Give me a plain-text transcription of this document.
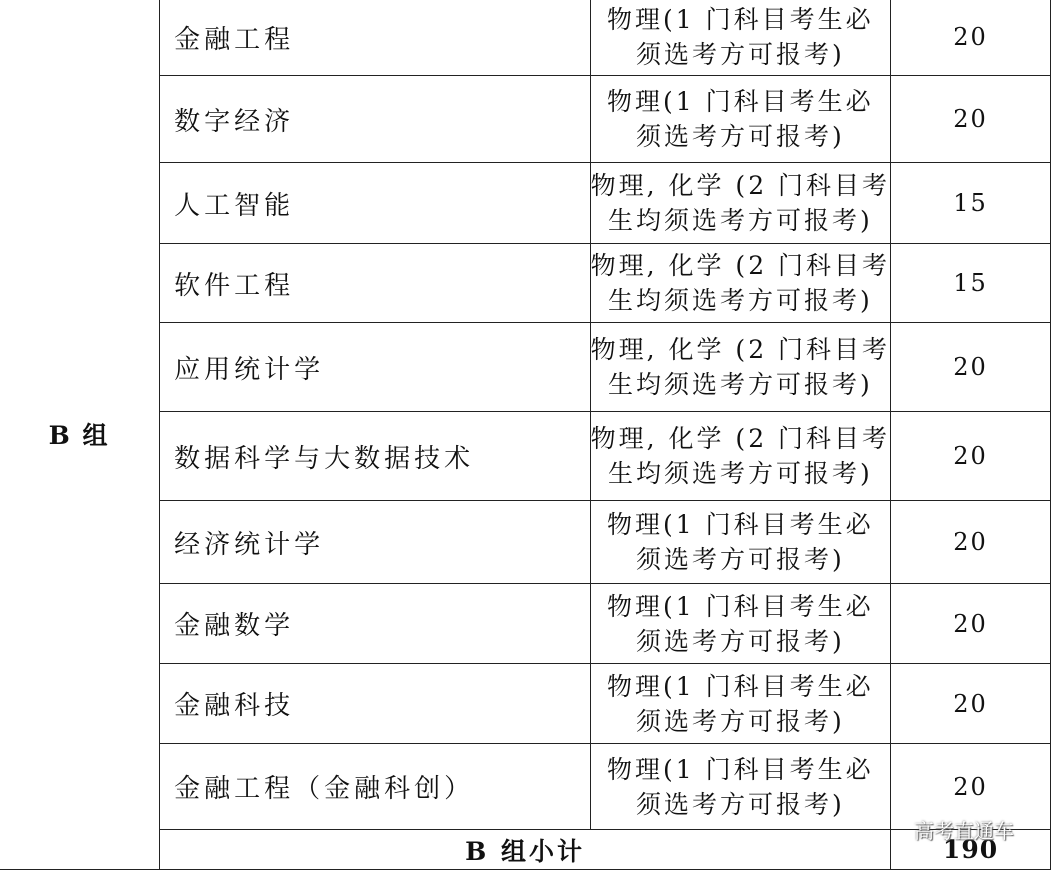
B 组	金融工程	物理(1 门科目考生必
须选考方可报考)	20
	数字经济	物理(1 门科目考生必
须选考方可报考)	20
	人工智能	物理, 化学 (2 门科目考
生均须选考方可报考)	15
	软件工程	物理, 化学 (2 门科目考
生均须选考方可报考)	15
	应用统计学	物理, 化学 (2 门科目考
生均须选考方可报考)	20
	数据科学与大数据技术	物理, 化学 (2 门科目考
生均须选考方可报考)	20
	经济统计学	物理(1 门科目考生必
须选考方可报考)	20
	金融数学	物理(1 门科目考生必
须选考方可报考)	20
	金融科技	物理(1 门科目考生必
须选考方可报考)	20
	金融工程（金融科创）	物理(1 门科目考生必
须选考方可报考)	20
	B 组小计		190
高考直通车
